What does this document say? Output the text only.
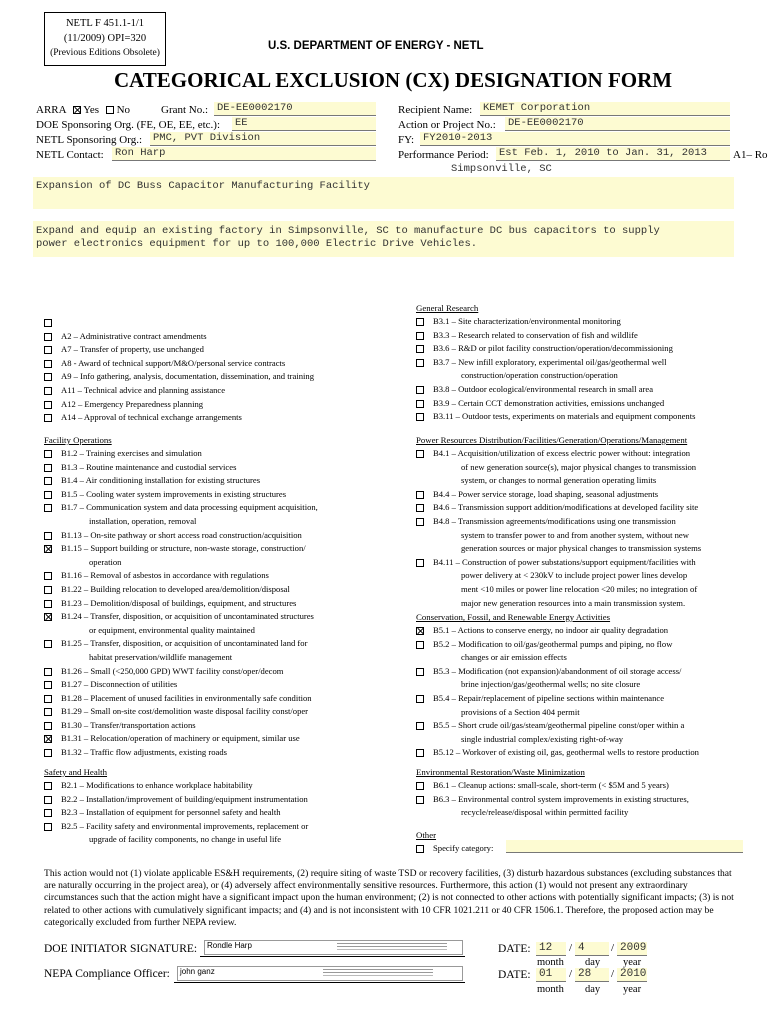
NETL F 451.1-1/1
(11/2009) OPI=320
(Previous Editions Obsolete)
U.S. DEPARTMENT OF ENERGY - NETL
CATEGORICAL EXCLUSION (CX) DESIGNATION FORM
ARRA Yes No	Grant No.: DE-EE0002170
DOE Sponsoring Org. (FE, OE, EE, etc.): EE
NETL Sponsoring Org.: PMC, PVT Division
NETL Contact: Ron Harp
Recipient Name: KEMET Corporation
Action or Project No.: DE-EE0002170
FY: FY2010-2013
Performance Period: Est Feb. 1, 2010 to Jan. 31, 2013	A1– Ro
Simpsonville, SC
Expansion of DC Buss Capacitor Manufacturing Facility
Expand and equip an existing factory in Simpsonville, SC to manufacture DC bus capacitors to supply
power electronics equipment for up to 100,000 Electric Drive Vehicles.

A2 – Administrative contract amendments
A7 – Transfer of property, use unchanged
A8 - Award of technical support/M&O/personal service contracts
A9 – Info gathering, analysis, documentation, dissemination, and training
A11 – Technical advice and planning assistance
A12 – Emergency Preparedness planning
A14 – Approval of technical exchange arrangements
Facility Operations
B1.2 – Training exercises and simulation
B1.3 – Routine maintenance and custodial services
B1.4 – Air conditioning installation for existing structures
B1.5 – Cooling water system improvements in existing structures
B1.7 – Communication system and data processing equipment acquisition,
installation, operation, removal
B1.13 – On-site pathway or short access road construction/acquisition
B1.15 – Support building or structure, non-waste storage, construction/
operation
B1.16 – Removal of asbestos in accordance with regulations
B1.22 – Building relocation to developed area/demolition/disposal
B1.23 – Demolition/disposal of buildings, equipment, and structures
B1.24 – Transfer, disposition, or acquisition of uncontaminated structures
or equipment, environmental quality maintained
B1.25 – Transfer, disposition, or acquisition of uncontaminated land for
habitat preservation/wildlife management
B1.26 – Small (<250,000 GPD) WWT facility const/oper/decom
B1.27 – Disconnection of utilities
B1.28 – Placement of unused facilities in environmentally safe condition
B1.29 – Small on-site cost/demolition waste disposal facility const/oper
B1.30 – Transfer/transportation actions
B1.31 – Relocation/operation of machinery or equipment, similar use
B1.32 – Traffic flow adjustments, existing roads
Safety and Health
B2.1 – Modifications to enhance workplace habitability
B2.2 – Installation/improvement of building/equipment instrumentation
B2.3 – Installation of equipment for personnel safety and health
B2.5 – Facility safety and environmental improvements, replacement or
upgrade of facility components, no change in useful life
General Research
B3.1 – Site characterization/environmental monitoring
B3.3 – Research related to conservation of fish and wildlife
B3.6 – R&D or pilot facility construction/operation/decommissioning
B3.7 – New infill exploratory, experimental oil/gas/geothermal well
construction/operation construction/operation
B3.8 – Outdoor ecological/environmental research in small area
B3.9 – Certain CCT demonstration activities, emissions unchanged
B3.11 – Outdoor tests, experiments on materials and equipment components
Power Resources Distribution/Facilities/Generation/Operations/Management
B4.1 – Acquisition/utilization of excess electric power without: integration
of new generation source(s), major physical changes to transmission
system, or changes to normal generation operating limits
B4.4 – Power service storage, load shaping, seasonal adjustments
B4.6 – Transmission support addition/modifications at developed facility site
B4.8 – Transmission agreements/modifications using one transmission
system to transfer power to and from another system, without new
generation sources or major physical changes to transmission systems
B4.11 – Construction of power substations/support equipment/facilities with
power delivery at < 230kV to include project power lines develop
ment <10 miles or power line relocation <20 miles; no integration of
major new generation resources into a main transmission system.
Conservation, Fossil, and Renewable Energy Activities
B5.1 – Actions to conserve energy, no indoor air quality degradation
B5.2 – Modification to oil/gas/geothermal pumps and piping, no flow
changes or air emission effects
B5.3 – Modification (not expansion)/abandonment of oil storage access/
brine injection/gas/geothermal wells; no site closure
B5.4 – Repair/replacement of pipeline sections within maintenance
provisions of a Section 404 permit
B5.5 – Short crude oil/gas/steam/geothermal pipeline const/oper within a
single industrial complex/existing right-of-way
B5.12 – Workover of existing oil, gas, geothermal wells to restore production
Environmental Restoration/Waste Minimization
B6.1 – Cleanup actions: small-scale, short-term (< $5M and 5 years)
B6.3 – Environmental control system improvements in existing structures,
recycle/release/disposal within permitted facility
Other
Specify category:
This action would not (1) violate applicable ES&H requirements, (2) require siting of waste TSD or recovery facilities, (3) disturb hazardous substances (excluding substances that are naturally occurring in the project area), or (4) adversely affect environmentally sensitive resources. Furthermore, this action (1) would not present any extraordinary circumstances such that the action might have a significant impact upon the human environment; (2) is not connected to other actions with potentially significant impacts; (3) is not related to other actions with cumulatively significant impacts; and (4) and is not inconsistent with 10 CFR 1021.211 or 40 CFR 1506.1. Therefore, the proposed action may be categorically excluded from further NEPA review.
DOE INITIATOR SIGNATURE: Rondle Harp
NEPA Compliance Officer: john ganz
DATE: 12	/ 4	/ 2009
month day year
DATE: 01	/ 28	/ 2010
month day year
